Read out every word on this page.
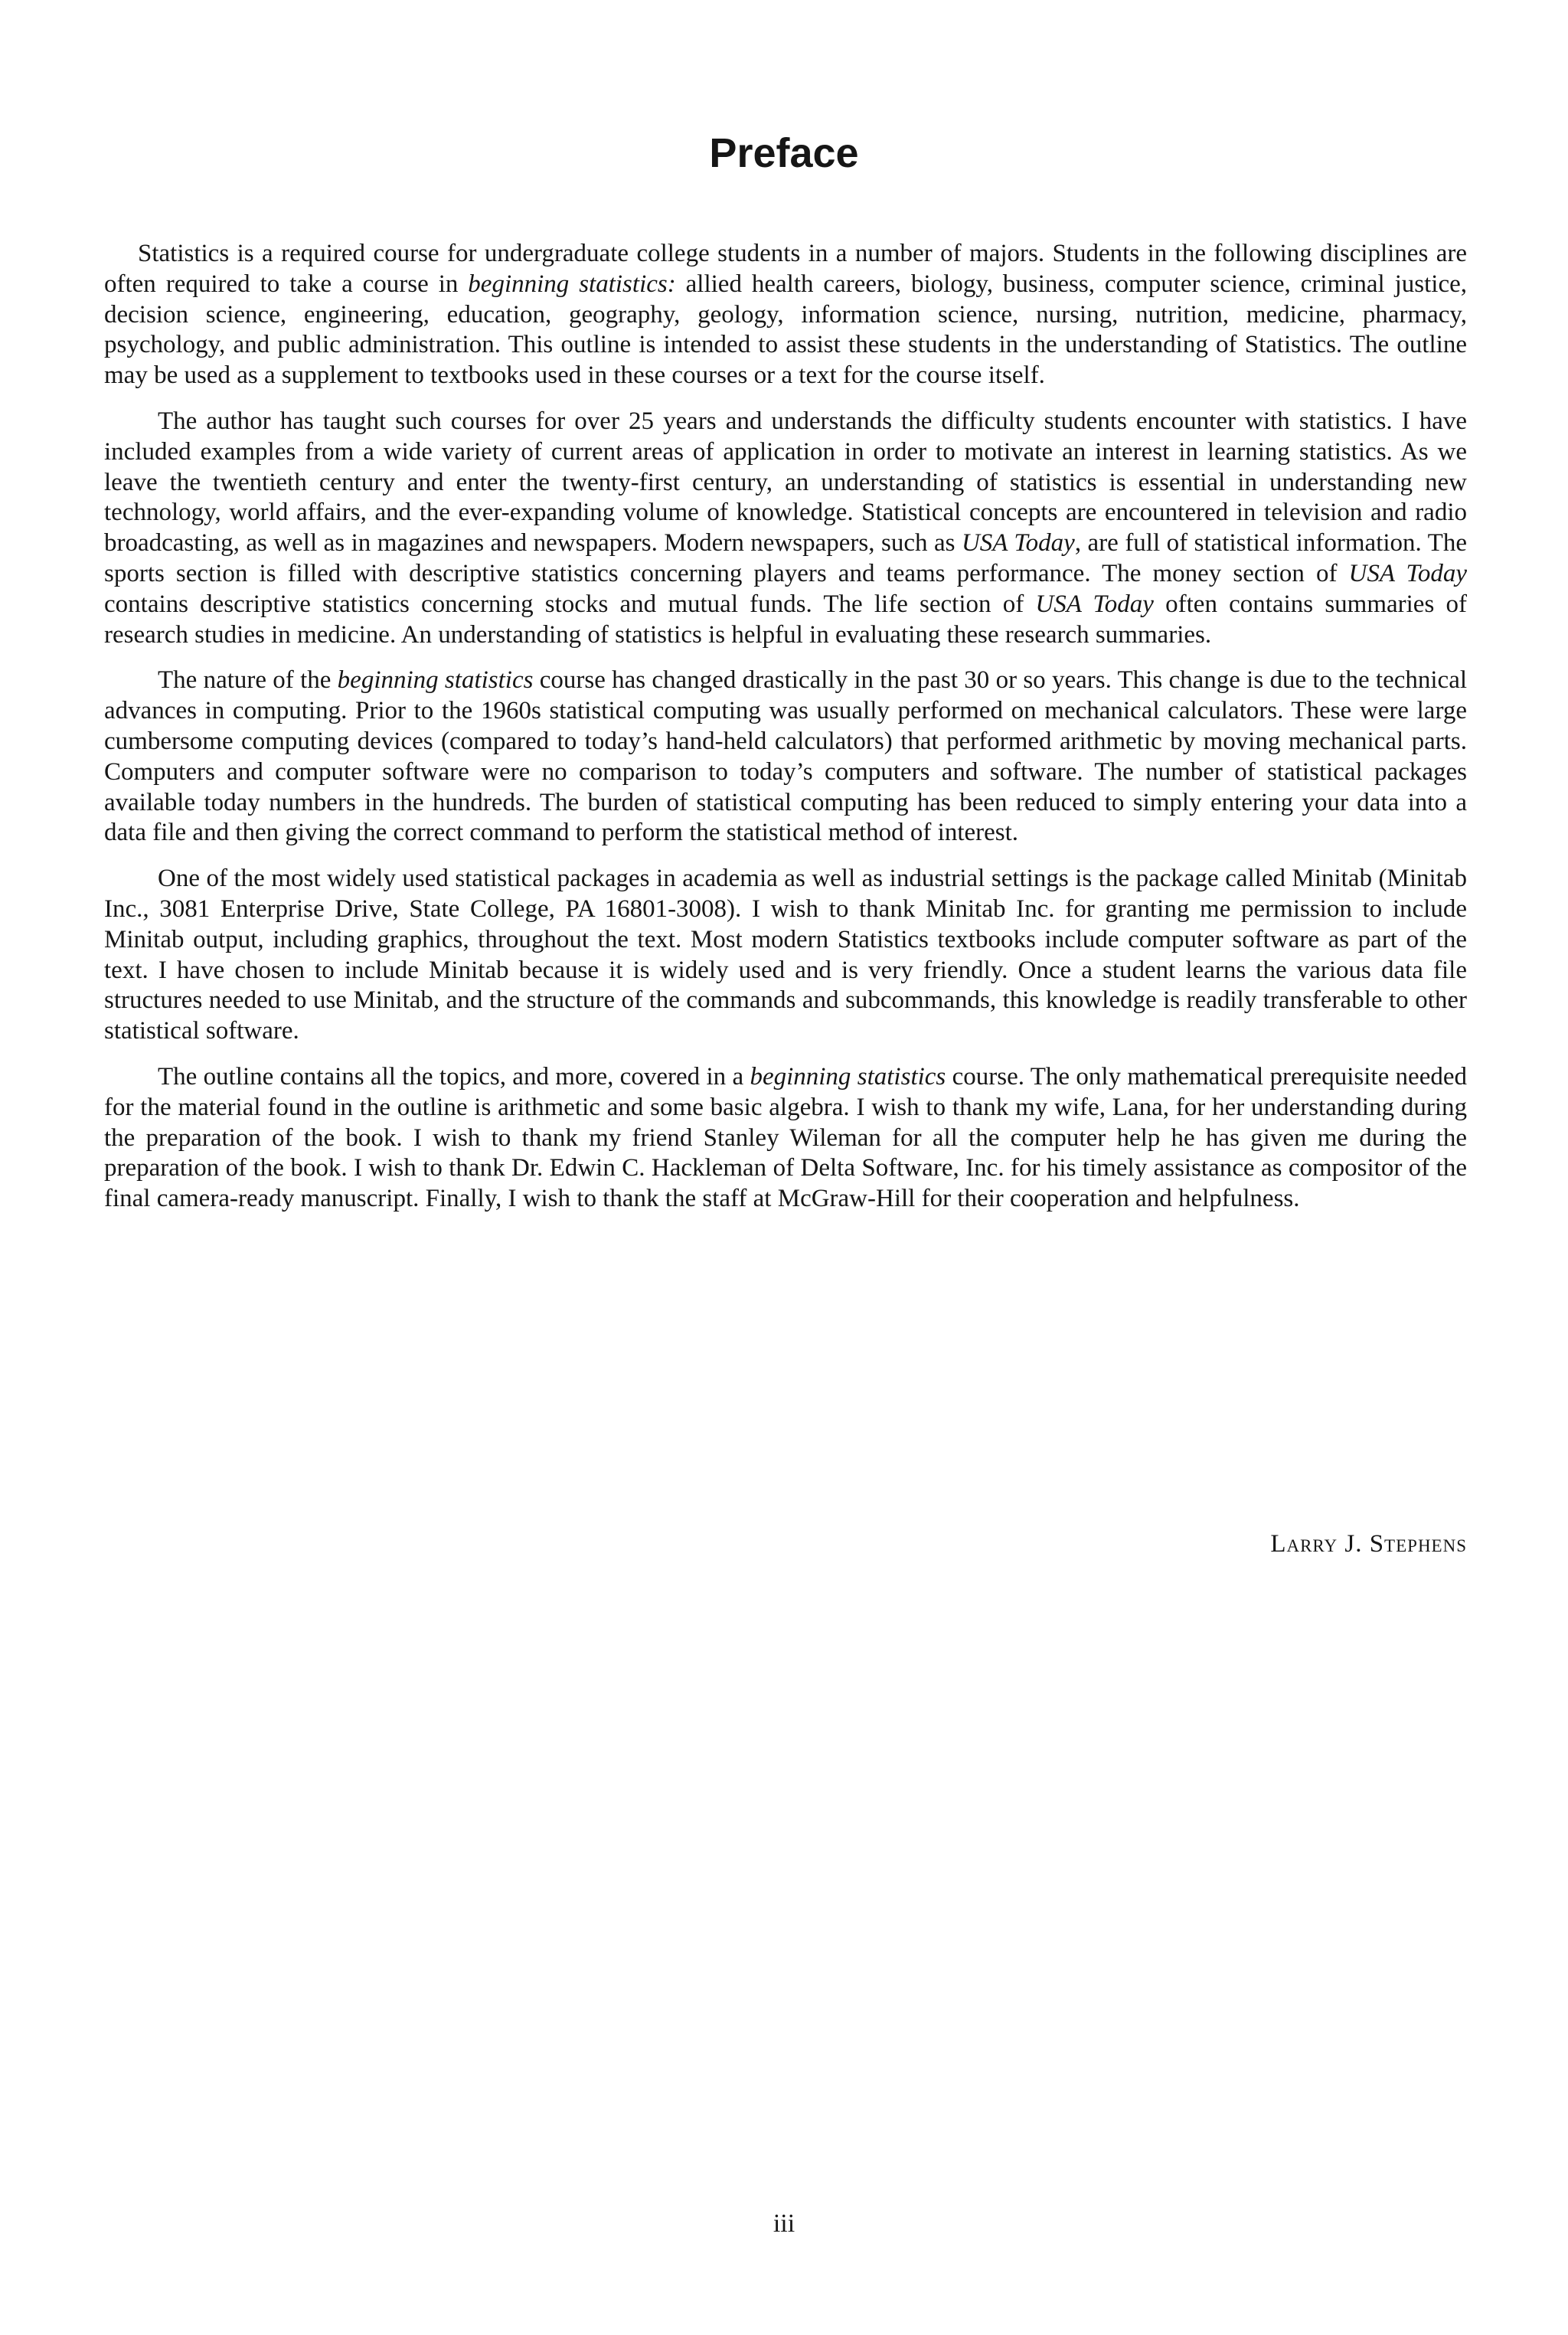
Preface

Statistics is a required course for undergraduate college students in a number of majors. Students in the following disciplines are often required to take a course in beginning statistics: allied health careers, biology, business, computer science, criminal justice, decision science, engineering, education, geography, geology, information science, nursing, nutrition, medicine, pharmacy, psychology, and public administration. This outline is intended to assist these students in the understanding of Statistics. The outline may be used as a supplement to textbooks used in these courses or a text for the course itself.

The author has taught such courses for over 25 years and understands the difficulty students encounter with statistics. I have included examples from a wide variety of current areas of application in order to motivate an interest in learning statistics. As we leave the twentieth century and enter the twenty-first century, an understanding of statistics is essential in understanding new technology, world affairs, and the ever-expanding volume of knowledge. Statistical concepts are encountered in television and radio broadcasting, as well as in magazines and newspapers. Modern newspapers, such as USA Today, are full of statistical information. The sports section is filled with descriptive statistics concerning players and teams performance. The money section of USA Today contains descriptive statistics concerning stocks and mutual funds. The life section of USA Today often contains summaries of research studies in medicine. An understanding of statistics is helpful in evaluating these research summaries.

The nature of the beginning statistics course has changed drastically in the past 30 or so years. This change is due to the technical advances in computing. Prior to the 1960s statistical computing was usually performed on mechanical calculators. These were large cumbersome computing devices (compared to today’s hand-held calculators) that performed arithmetic by moving mechanical parts. Computers and computer software were no comparison to today’s computers and software. The number of statistical packages available today numbers in the hundreds. The burden of statistical computing has been reduced to simply entering your data into a data file and then giving the correct command to perform the statistical method of interest.

One of the most widely used statistical packages in academia as well as industrial settings is the package called Minitab (Minitab Inc., 3081 Enterprise Drive, State College, PA 16801-3008). I wish to thank Minitab Inc. for granting me permission to include Minitab output, including graphics, throughout the text. Most modern Statistics textbooks include computer software as part of the text. I have chosen to include Minitab because it is widely used and is very friendly. Once a student learns the various data file structures needed to use Minitab, and the structure of the commands and subcommands, this knowledge is readily transferable to other statistical software.

The outline contains all the topics, and more, covered in a beginning statistics course. The only mathematical prerequisite needed for the material found in the outline is arithmetic and some basic algebra. I wish to thank my wife, Lana, for her understanding during the preparation of the book. I wish to thank my friend Stanley Wileman for all the computer help he has given me during the preparation of the book. I wish to thank Dr. Edwin C. Hackleman of Delta Software, Inc. for his timely assistance as compositor of the final camera-ready manuscript. Finally, I wish to thank the staff at McGraw-Hill for their cooperation and helpfulness.

Larry J. Stephens
iii
